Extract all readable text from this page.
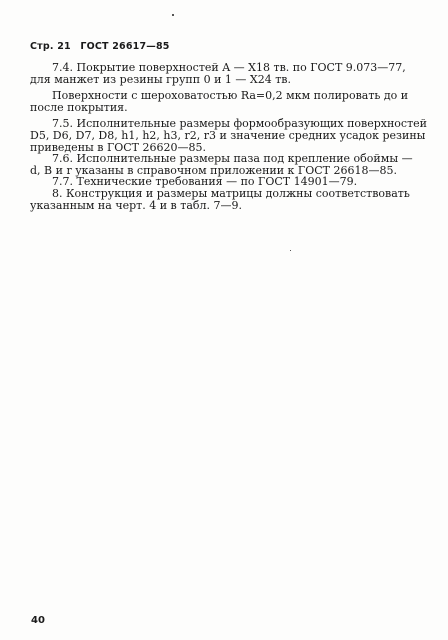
Стр. 21 ГОСТ 26617—85

7.4. Покрытие поверхностей A — X18 тв. по ГОСТ 9.073—77,

для манжет из резины групп 0 и 1 — X24 тв.

Поверхности с шероховатостью Ra=0,2 мкм полировать до и

после покрытия.

7.5. Исполнительные размеры формообразующих поверхностей

D5, D6, D7, D8, h1, h2, h3, r2, r3 и значение средних усадок резины

приведены в ГОСТ 26620—85.

7.6. Исполнительные размеры паза под крепление обоймы —

d, B и r указаны в справочном приложении к ГОСТ 26618—85.

7.7. Технические требования — по ГОСТ 14901—79.

8. Конструкция и размеры матрицы должны соответствовать

указанным на черт. 4 и в табл. 7—9.

40
